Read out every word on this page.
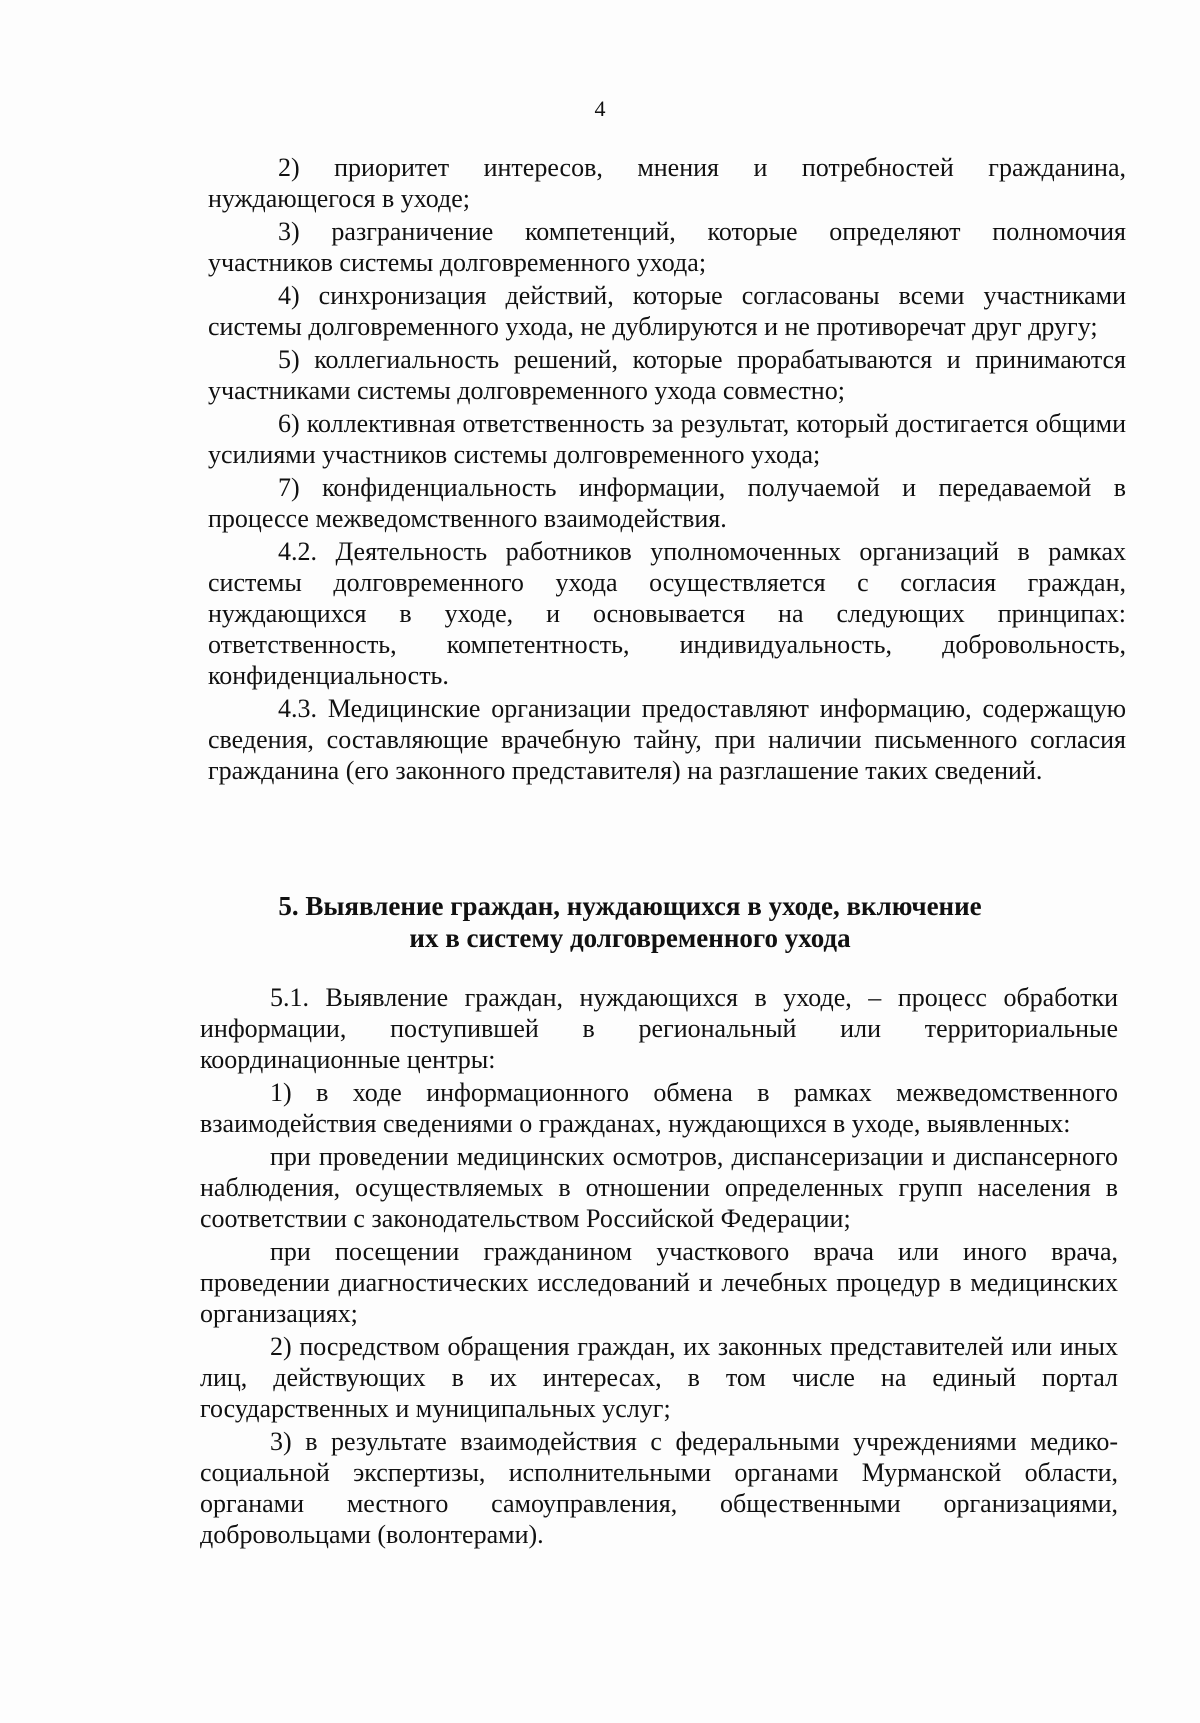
4

2) приоритет интересов, мнения и потребностей гражданина, нуждающегося в уходе;

3) разграничение компетенций, которые определяют полномочия участников системы долговременного ухода;

4) синхронизация действий, которые согласованы всеми участниками системы долговременного ухода, не дублируются и не противоречат друг другу;

5) коллегиальность решений, которые прорабатываются и принимаются участниками системы долговременного ухода совместно;

6) коллективная ответственность за результат, который достигается общими усилиями участников системы долговременного ухода;

7) конфиденциальность информации, получаемой и передаваемой в процессе межведомственного взаимодействия.

4.2. Деятельность работников уполномоченных организаций в рамках системы долговременного ухода осуществляется с согласия граждан, нуждающихся в уходе, и основывается на следующих принципах: ответственность, компетентность, индивидуальность, добровольность, конфиденциальность.

4.3. Медицинские организации предоставляют информацию, содержащую сведения, составляющие врачебную тайну, при наличии письменного согласия гражданина (его законного представителя) на разглашение таких сведений.

5. Выявление граждан, нуждающихся в уходе, включение
их в систему долговременного ухода

5.1. Выявление граждан, нуждающихся в уходе, – процесс обработки информации, поступившей в региональный или территориальные координационные центры:

1) в ходе информационного обмена в рамках межведомственного взаимодействия сведениями о гражданах, нуждающихся в уходе, выявленных:

при проведении медицинских осмотров, диспансеризации и диспансерного наблюдения, осуществляемых в отношении определенных групп населения в соответствии с законодательством Российской Федерации;

при посещении гражданином участкового врача или иного врача, проведении диагностических исследований и лечебных процедур в медицинских организациях;

2) посредством обращения граждан, их законных представителей или иных лиц, действующих в их интересах, в том числе на единый портал государственных и муниципальных услуг;

3) в результате взаимодействия с федеральными учреждениями медико-социальной экспертизы, исполнительными органами Мурманской области, органами местного самоуправления, общественными организациями, добровольцами (волонтерами).
